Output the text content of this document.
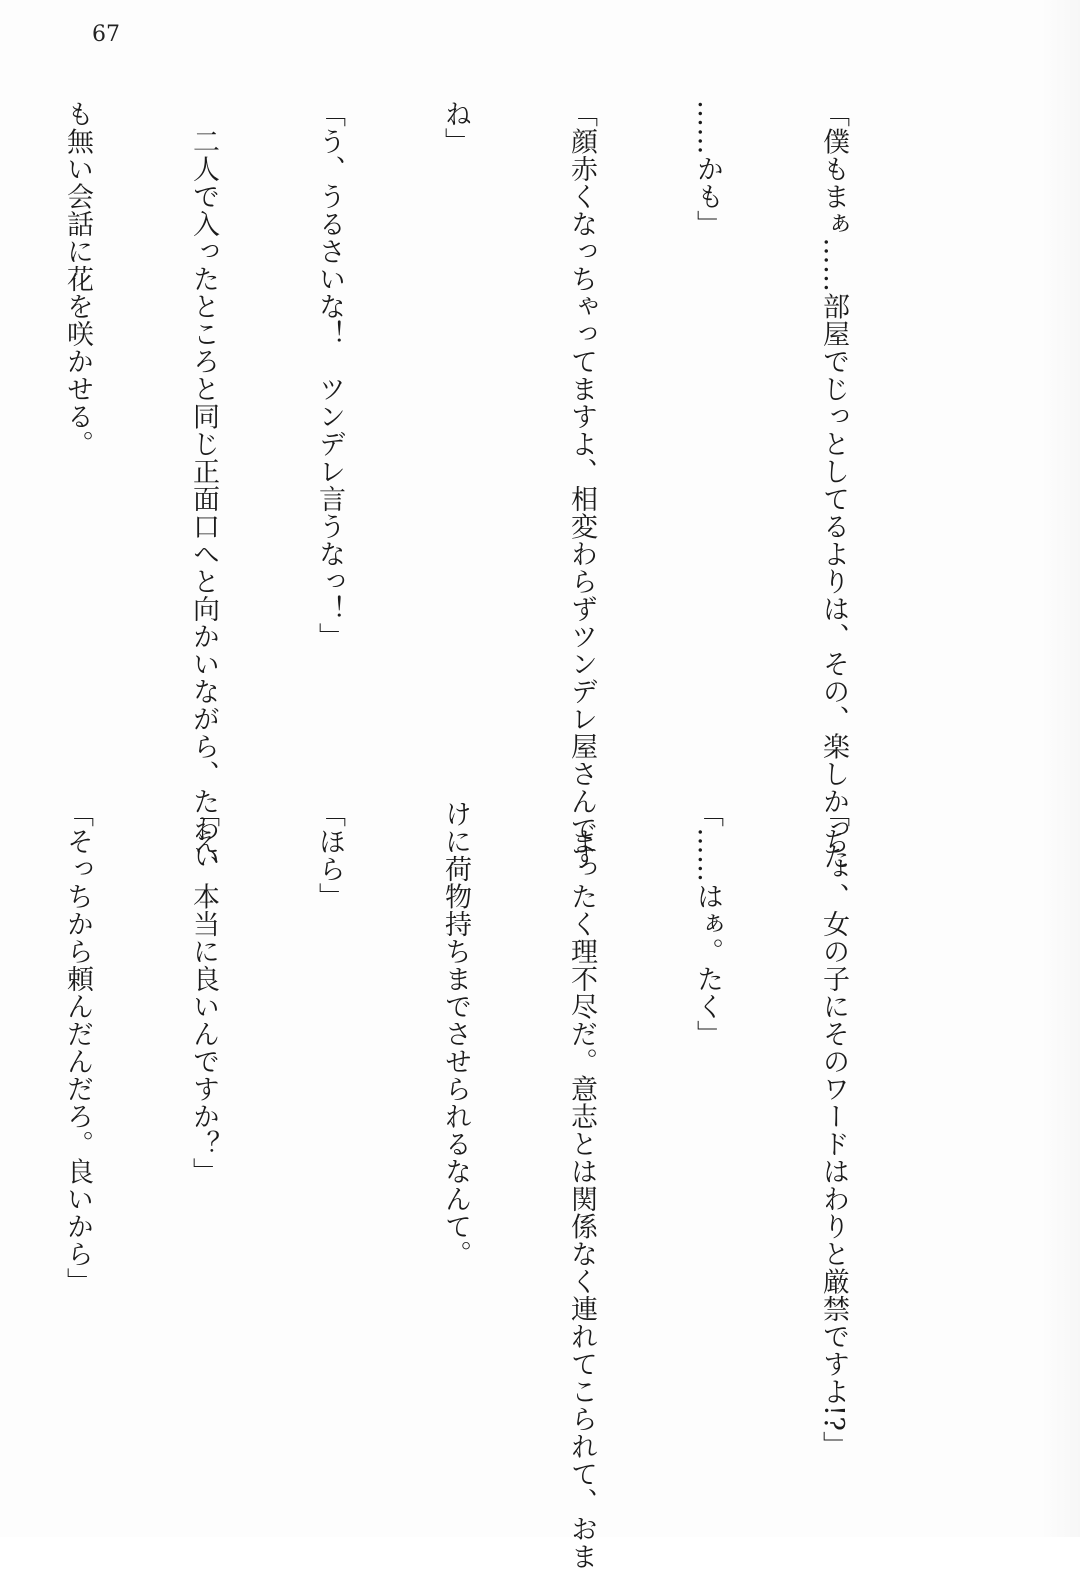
67

「僕もまぁ……部屋でじっとしてるよりは、その、楽しかった

……かも」

「顔赤くなっちゃってますよ、相変わらずツンデレ屋さんです

ね」

「う、うるさいな！　ツンデレ言うなっ！」

　二人で入ったところと同じ正面口へと向かいながら、たわい

も無い会話に花を咲かせる。

「ちょ、女の子にそのワードはわりと厳禁ですよ!?」

「……はぁ。たく」

　まったく理不尽だ。意志とは関係なく連れてこられて、おま

けに荷物持ちまでさせられるなんて。

「ほら」

「え、本当に良いんですか？」

「そっちから頼んだんだろ。良いから」
